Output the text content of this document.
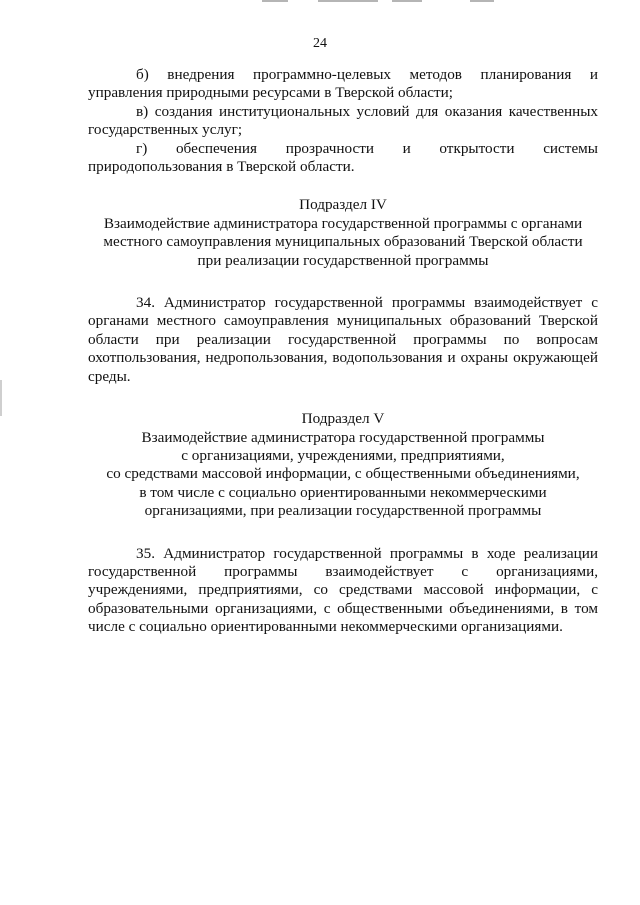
24

б) внедрения программно-целевых методов планирования и управления природными ресурсами в Тверской области;

в) создания институциональных условий для оказания качественных государственных услуг;

г) обеспечения прозрачности и открытости системы природопользования в Тверской области.

Подраздел IV
Взаимодействие администратора государственной программы с органами
местного самоуправления муниципальных образований Тверской области
при реализации государственной программы

34. Администратор государственной программы взаимодействует с органами местного самоуправления муниципальных образований Тверской области при реализации государственной программы по вопросам охотпользования, недропользования, водопользования и охраны окружающей среды.

Подраздел V
Взаимодействие администратора государственной программы
с организациями, учреждениями, предприятиями,
со средствами массовой информации, с общественными объединениями,
в том числе с социально ориентированными некоммерческими
организациями, при реализации государственной программы

35. Администратор государственной программы в ходе реализации государственной программы взаимодействует с организациями, учреждениями, предприятиями, со средствами массовой информации, с образовательными организациями, с общественными объединениями, в том числе с социально ориентированными некоммерческими организациями.
